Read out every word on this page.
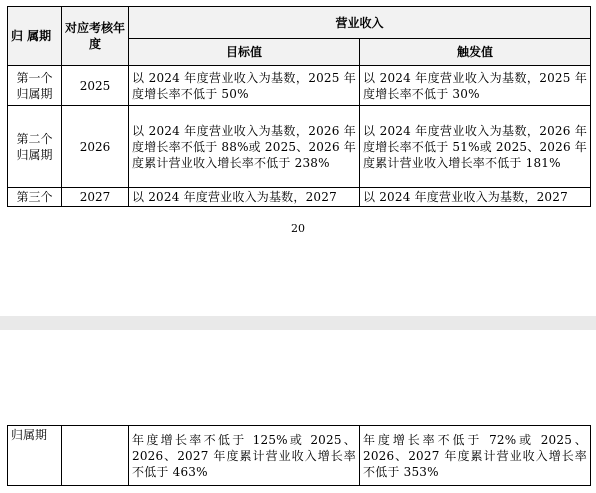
归 属期	对应考核年度	营业收入	
		目标值	触发值
第一个归属期	2025	以 2024 年度营业收入为基数，2025 年度增长率不低于 50%	以 2024 年度营业收入为基数，2025 年度增长率不低于 30%
第二个归属期	2026	以 2024 年度营业收入为基数，2026 年度增长率不低于 88%或 2025、2026 年度累计营业收入增长率不低于 238%	以 2024 年度营业收入为基数，2026 年度增长率不低于 51%或 2025、2026 年度累计营业收入增长率不低于 181%
第三个	2027	以 2024 年度营业收入为基数，2027	以 2024 年度营业收入为基数，2027
20
归属期		年度增长率不低于 125%或 2025、2026、2027 年度累计营业收入增长率不低于 463%	年度增长率不低于 72%或 2025、2026、2027 年度累计营业收入增长率不低于 353%
